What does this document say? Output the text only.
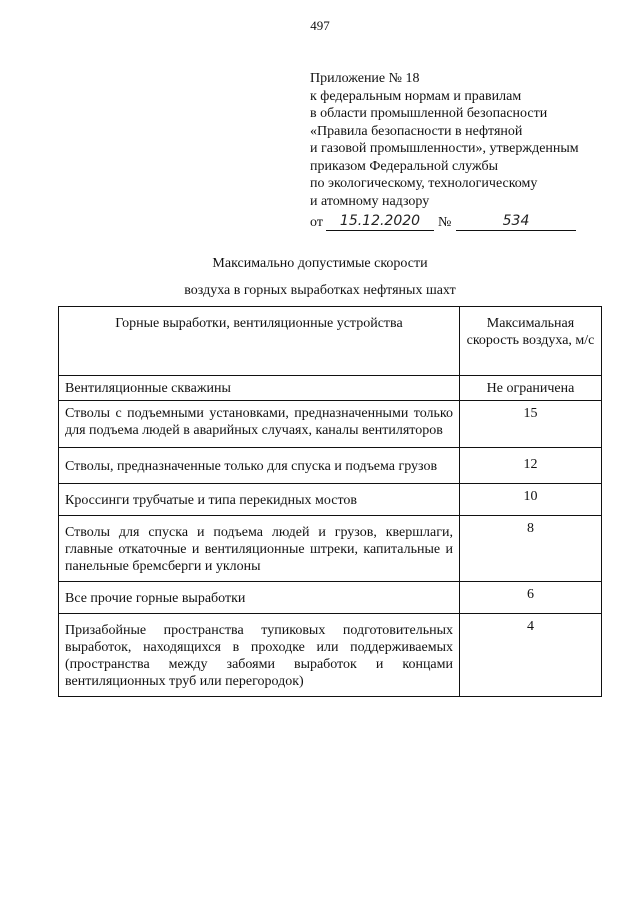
497
Приложение № 18
к федеральным нормам и правилам
в области промышленной безопасности
«Правила безопасности в нефтяной
и газовой промышленности», утвержденным
приказом Федеральной службы
по экологическому, технологическому
и атомному надзору
от	15.12.2020	№	534
Максимально допустимые скорости
воздуха в горных выработках нефтяных шахт
Горные выработки, вентиляционные устройства	Максимальная скорость воздуха, м/с
Вентиляционные скважины	Не ограничена
Стволы с подъемными установками, предназначенными только для подъема людей в аварийных случаях, каналы вентиляторов	15
Стволы, предназначенные только для спуска и подъема грузов	12
Кроссинги трубчатые и типа перекидных мостов	10
Стволы для спуска и подъема людей и грузов, квершлаги, главные откаточные и вентиляционные штреки, капитальные и панельные бремсберги и уклоны	8
Все прочие горные выработки	6
Призабойные пространства тупиковых подготовительных выработок, находящихся в проходке или поддерживаемых (пространства между забоями выработок и концами вентиляционных труб или перегородок)	4
